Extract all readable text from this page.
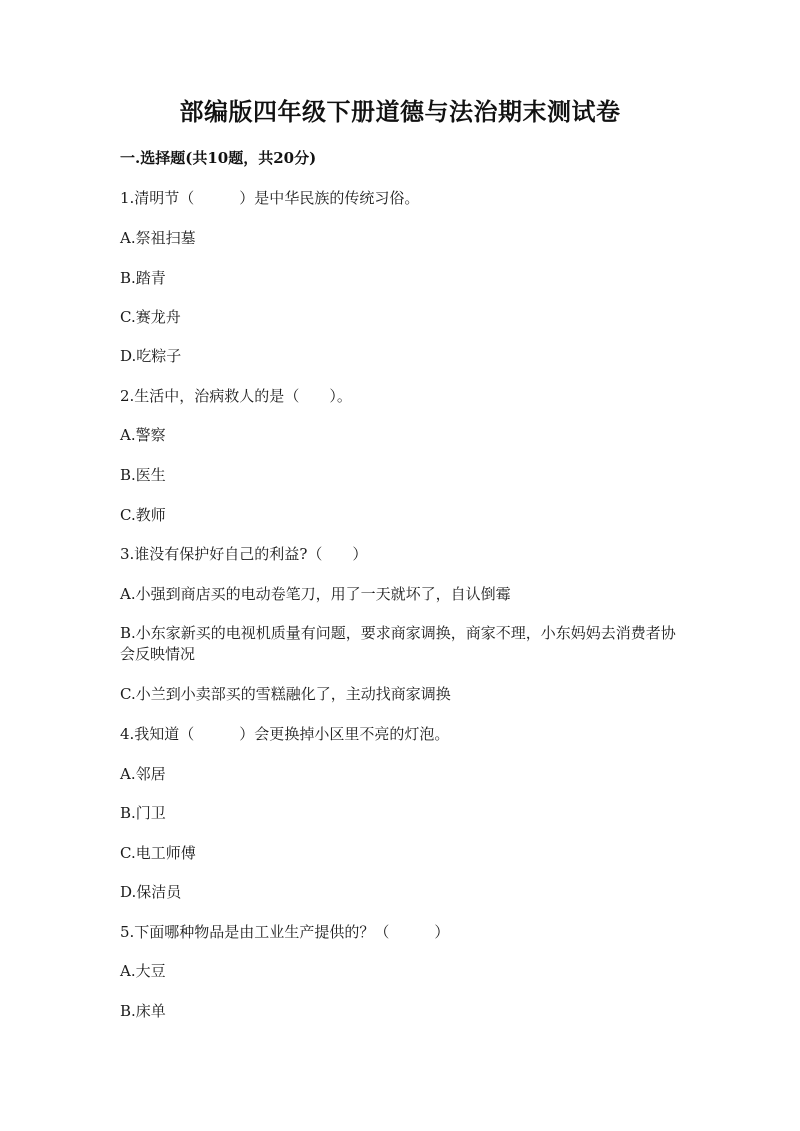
部编版四年级下册道德与法治期末测试卷
一.选择题(共10题，共20分)
1.清明节（　　　）是中华民族的传统习俗。
A.祭祖扫墓
B.踏青
C.赛龙舟
D.吃粽子
2.生活中，治病救人的是（　　）。
A.警察
B.医生
C.教师
3.谁没有保护好自己的利益?（　　）
A.小强到商店买的电动卷笔刀，用了一天就坏了，自认倒霉
B.小东家新买的电视机质量有问题，要求商家调换，商家不理，小东妈妈去消费者协会反映情况
C.小兰到小卖部买的雪糕融化了，主动找商家调换
4.我知道（　　　）会更换掉小区里不亮的灯泡。
A.邻居
B.门卫
C.电工师傅
D.保洁员
5.下面哪种物品是由工业生产提供的？（　　　）
A.大豆
B.床单
